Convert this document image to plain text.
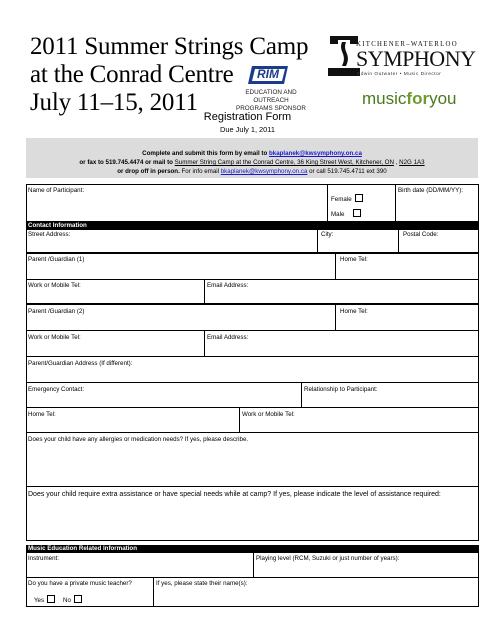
2011 Summer Strings Camp
at the Conrad Centre
July 11–15, 2011
RIM
EDUCATION AND OUTREACH
PROGRAMS SPONSOR
KITCHENER–WATERLOO
SYMPHONY
Edwin Outwater • Music Director
musicforyou
Registration Form
Due July 1, 2011
Complete and submit this form by email to bkaplanek@kwsymphony.on.ca
or fax to 519.745.4474 or mail to Summer String Camp at the Conrad Centre, 36 King Street West, Kitchener, ON , N2G 1A3
or drop off in person. For info email bkaplanek@kwsymphony.on.ca or call 519.745.4711 ext 390
Name of Participant:
Female
Male
Birth date (DD/MM/YY):
Contact Information
Street Address:	City:	Postal Code:
Parent /Guardian (1)	Home Tel:
Work or Mobile Tel:	Email Address:
Parent /Guardian (2)	Home Tel:
Work or Mobile Tel:	Email Address:
Parent/Guardian Address (If different):
Emergency Contact:	Relationship to Participant:
Home Tel:	Work or Mobile Tel:
Does your child have any allergies or medication needs? If yes, please describe.
Does your child require extra assistance or have special needs while at camp? If yes, please indicate the level of assistance required:
Music Education Related Information
Instrument:	Playing level (RCM, Suzuki or just number of years):
Do you have a private music teacher?
Yes	No
If yes, please state their name(s):
